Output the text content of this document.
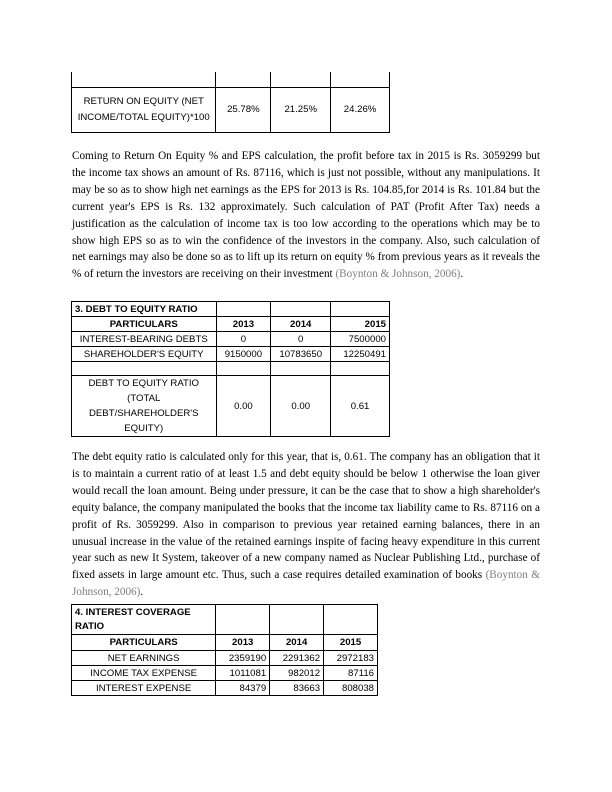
RETURN ON EQUITY (NET INCOME/TOTAL EQUITY)*100	25.78%	21.25%	24.26%

Coming to Return On Equity % and EPS calculation, the profit before tax in 2015 is Rs. 3059299 but the income tax shows an amount of Rs. 87116, which is just not possible, without any manipulations. It may be so as to show high net earnings as the EPS for 2013 is Rs. 104.85,for 2014 is Rs. 101.84 but the current year's EPS is Rs. 132 approximately. Such calculation of PAT (Profit After Tax) needs a justification as the calculation of income tax is too low according to the operations which may be to show high EPS so as to win the confidence of the investors in the company. Also, such calculation of net earnings may also be done so as to lift up its return on equity % from previous years as it reveals the % of return the investors are receiving on their investment (Boynton & Johnson, 2006).

3. DEBT TO EQUITY RATIO			
PARTICULARS	2013	2014	2015
INTEREST-BEARING DEBTS	0	0	7500000
SHAREHOLDER'S EQUITY	9150000	10783650	12250491

DEBT TO EQUITY RATIO (TOTAL DEBT/SHAREHOLDER'S EQUITY)	0.00	0.00	0.61

The debt equity ratio is calculated only for this year, that is, 0.61. The company has an obligation that it is to maintain a current ratio of at least 1.5 and debt equity should be below 1 otherwise the loan giver would recall the loan amount. Being under pressure, it can be the case that to show a high shareholder's equity balance, the company manipulated the books that the income tax liability came to Rs. 87116 on a profit of Rs. 3059299. Also in comparison to previous year retained earning balances, there in an unusual increase in the value of the retained earnings inspite of facing heavy expenditure in this current year such as new It System, takeover of a new company named as Nuclear Publishing Ltd., purchase of fixed assets in large amount etc. Thus, such a case requires detailed examination of books (Boynton & Johnson, 2006).

4. INTEREST COVERAGE RATIO			
PARTICULARS	2013	2014	2015
NET EARNINGS	2359190	2291362	2972183
INCOME TAX EXPENSE	1011081	982012	87116
INTEREST EXPENSE	84379	83663	808038
